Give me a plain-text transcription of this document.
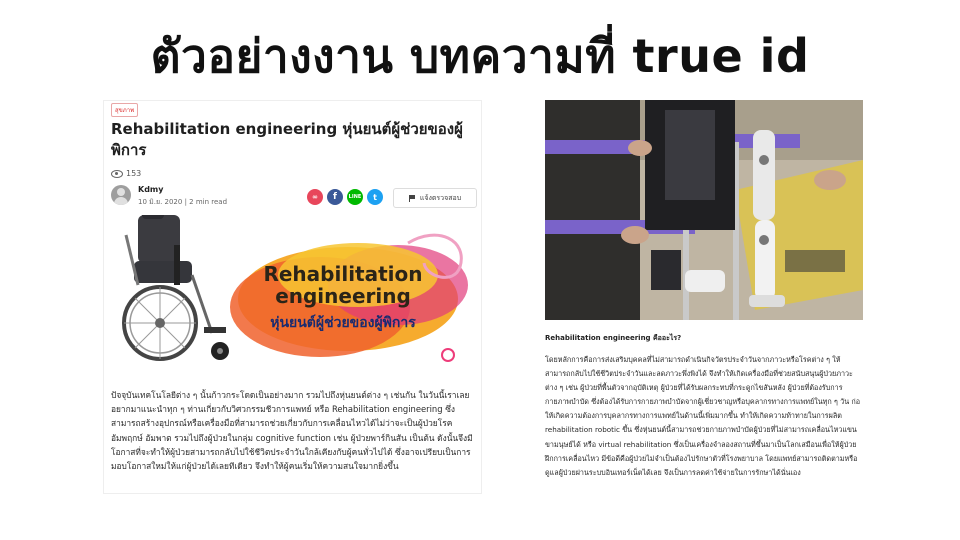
ตัวอย่างงาน บทความที่ true id
สุขภาพ
Rehabilitation engineering หุ่นยนต์ผู้ช่วยของผู้พิการ
153
Kdmy
10 มิ.ย. 2020 | 2 min read
∞	f	LINE	t	แจ้งตรวจสอบ
Rehabilitation
engineering
หุ่นยนต์ผู้ช่วยของผู้พิการ

ปัจจุบันเทคโนโลยีต่าง ๆ นั้นก้าวกระโดดเป็นอย่างมาก รวมไปถึงหุ่นยนต์ต่าง ๆ เช่นกัน ในวันนี้เราเลยอยากมาแนะนำทุก ๆ ท่านเกี่ยวกับวิศวกรรมชีวการแพทย์ หรือ Rehabilitation engineering ซึ่งสามารถสร้างอุปกรณ์หรือเครื่องมือที่สามารถช่วยเกี่ยวกับการเคลื่อนไหวได้ไม่ว่าจะเป็นผู้ป่วยโรคอัมพฤกษ์ อัมพาต รวมไปถึงผู้ป่วยในกลุ่ม cognitive function เช่น ผู้ป่วยพาร์กินสัน เป็นต้น ดังนั้นจึงมีโอกาสที่จะทำให้ผู้ป่วยสามารถกลับไปใช้ชีวิตประจำวันใกล้เคียงกับผู้คนทั่วไปได้ ซึ่งอาจเปรียบเป็นการมอบโอกาสใหม่ให้แก่ผู้ป่วยได้เลยทีเดียว จึงทำให้ผู้คนเริ่มให้ความสนใจมากยิ่งขึ้น

Rehabilitation engineering คืออะไร?

โดยหลักการคือการส่งเสริมบุคคลที่ไม่สามารถดำเนินกิจวัตรประจำวันจากภาวะหรือโรคต่าง ๆ ให้สามารถกลับไปใช้ชีวิตประจำวันและลดภาวะพึ่งพิงได้ จึงทำให้เกิดเครื่องมือที่ช่วยสนับสนุนผู้ป่วยภาวะต่าง ๆ เช่น ผู้ป่วยที่พื้นตัวจากอุบัติเหตุ ผู้ป่วยที่ได้รับผลกระทบที่กระดูกไขสันหลัง ผู้ป่วยที่ต้องรับการกายภาพบำบัด ซึ่งต้องได้รับการกายภาพบำบัดจากผู้เชี่ยวชาญหรือบุคลากรทางการแพทย์ในทุก ๆ วัน ก่อให้เกิดความต้องการบุคลากรทางการแพทย์ในด้านนี้เพิ่มมากขึ้น ทำให้เกิดความท้าทายในการผลิต rehabilitation robotic ขึ้น ซึ่งหุ่นยนต์นี้สามารถช่วยกายภาพบำบัดผู้ป่วยที่ไม่สามารถเคลื่อนไหวแขนขามนุษย์ได้ หรือ virtual rehabilitation ซึ่งเป็นเครื่องจำลองสถานที่ขึ้นมาเป็นโลกเสมือนเพื่อให้ผู้ป่วยฝึกการเคลื่อนไหว มีข้อดีคือผู้ป่วยไม่จำเป็นต้องไปรักษาตัวที่โรงพยาบาล โดยแพทย์สามารถติดตามหรือดูแลผู้ป่วยผ่านระบบอินเทอร์เน็ตได้เลย จึงเป็นการลดค่าใช้จ่ายในการรักษาได้นั่นเอง
